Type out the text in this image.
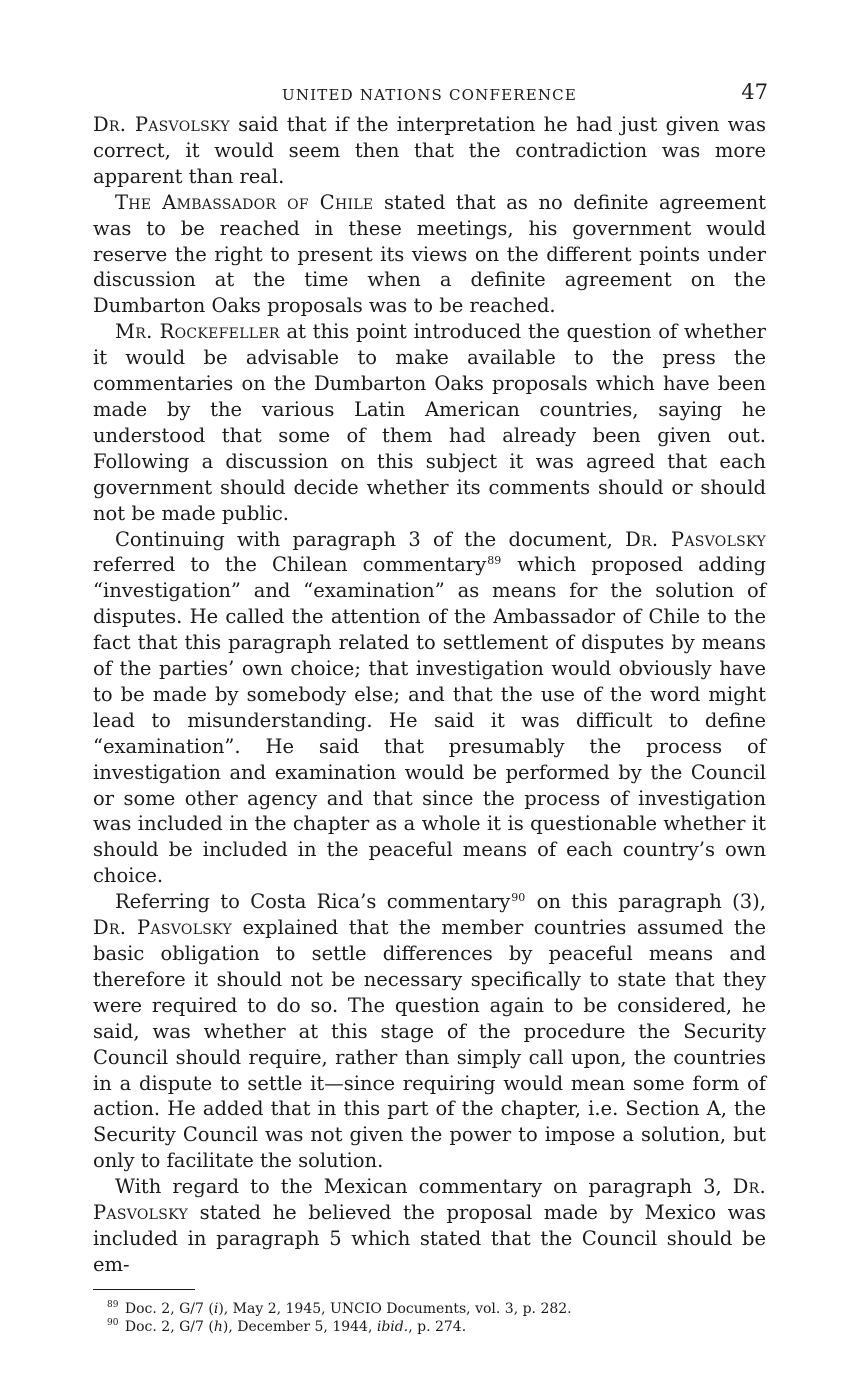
UNITED NATIONS CONFERENCE	47

Dr. Pasvolsky said that if the interpretation he had just given was correct, it would seem then that the contradiction was more apparent than real.

The Ambassador of Chile stated that as no definite agreement was to be reached in these meetings, his government would reserve the right to present its views on the different points under discussion at the time when a definite agreement on the Dumbarton Oaks proposals was to be reached.

Mr. Rockefeller at this point introduced the question of whether it would be advisable to make available to the press the commentaries on the Dumbarton Oaks proposals which have been made by the various Latin American countries, saying he understood that some of them had already been given out. Following a discussion on this subject it was agreed that each government should decide whether its comments should or should not be made public.

Continuing with paragraph 3 of the document, Dr. Pasvolsky referred to the Chilean commentary$^{89}$ which proposed adding “investigation” and “examination” as means for the solution of disputes. He called the attention of the Ambassador of Chile to the fact that this paragraph related to settlement of disputes by means of the parties’ own choice; that investigation would obviously have to be made by somebody else; and that the use of the word might lead to misunderstanding. He said it was difficult to define “examination”. He said that presumably the process of investigation and examination would be performed by the Council or some other agency and that since the process of investigation was included in the chapter as a whole it is questionable whether it should be included in the peaceful means of each country’s own choice.

Referring to Costa Rica’s commentary$^{90}$ on this paragraph (3), Dr. Pasvolsky explained that the member countries assumed the basic obligation to settle differences by peaceful means and therefore it should not be necessary specifically to state that they were required to do so. The question again to be considered, he said, was whether at this stage of the procedure the Security Council should require, rather than simply call upon, the countries in a dispute to settle it—since requiring would mean some form of action. He added that in this part of the chapter, i.e. Section A, the Security Council was not given the power to impose a solution, but only to facilitate the solution.

With regard to the Mexican commentary on paragraph 3, Dr. Pasvolsky stated he believed the proposal made by Mexico was included in paragraph 5 which stated that the Council should be em-

$^{89}$ Doc. 2, G/7 (i), May 2, 1945, UNCIO Documents, vol. 3, p. 282.

$^{90}$ Doc. 2, G/7 (h), December 5, 1944, ibid., p. 274.
